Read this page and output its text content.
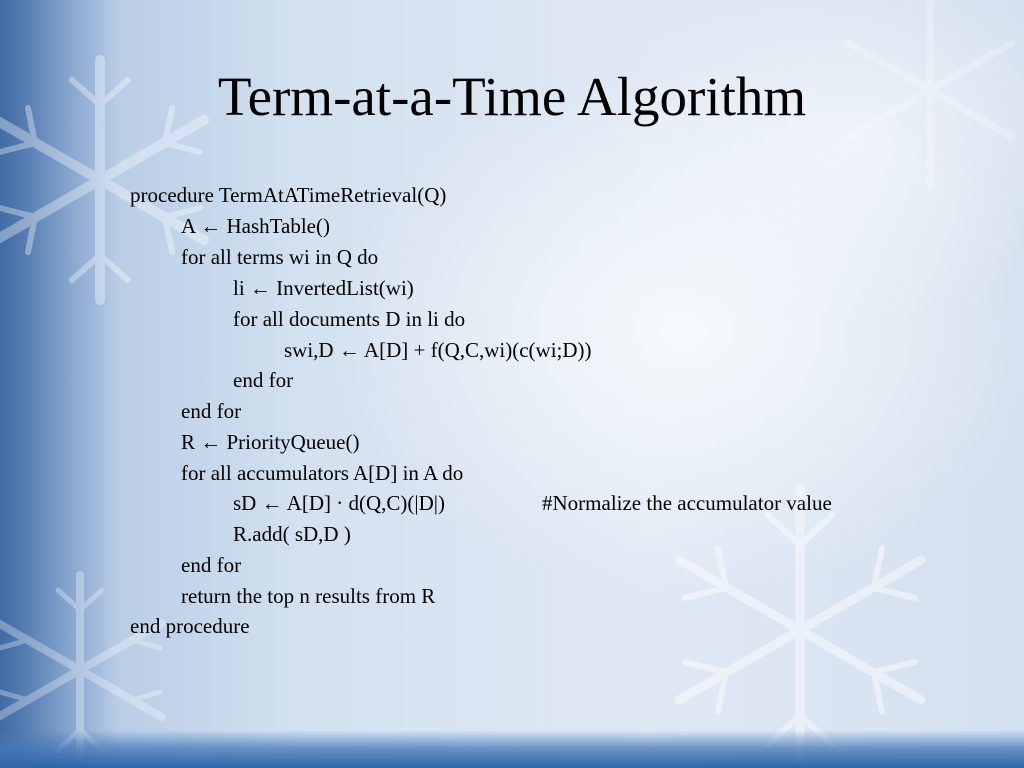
Term-at-a-Time Algorithm
procedure TermAtATimeRetrieval(Q)
A ← HashTable()
for all terms wi in Q do
li ← InvertedList(wi)
for all documents D in li do
swi,D ← A[D] + f(Q,C,wi)(c(wi;D))
end for
end for
R ← PriorityQueue()
for all accumulators A[D] in A do
sD ← A[D] · d(Q,C)(|D|)	#Normalize the accumulator value
R.add( sD,D )
end for
return the top n results from R
end procedure
